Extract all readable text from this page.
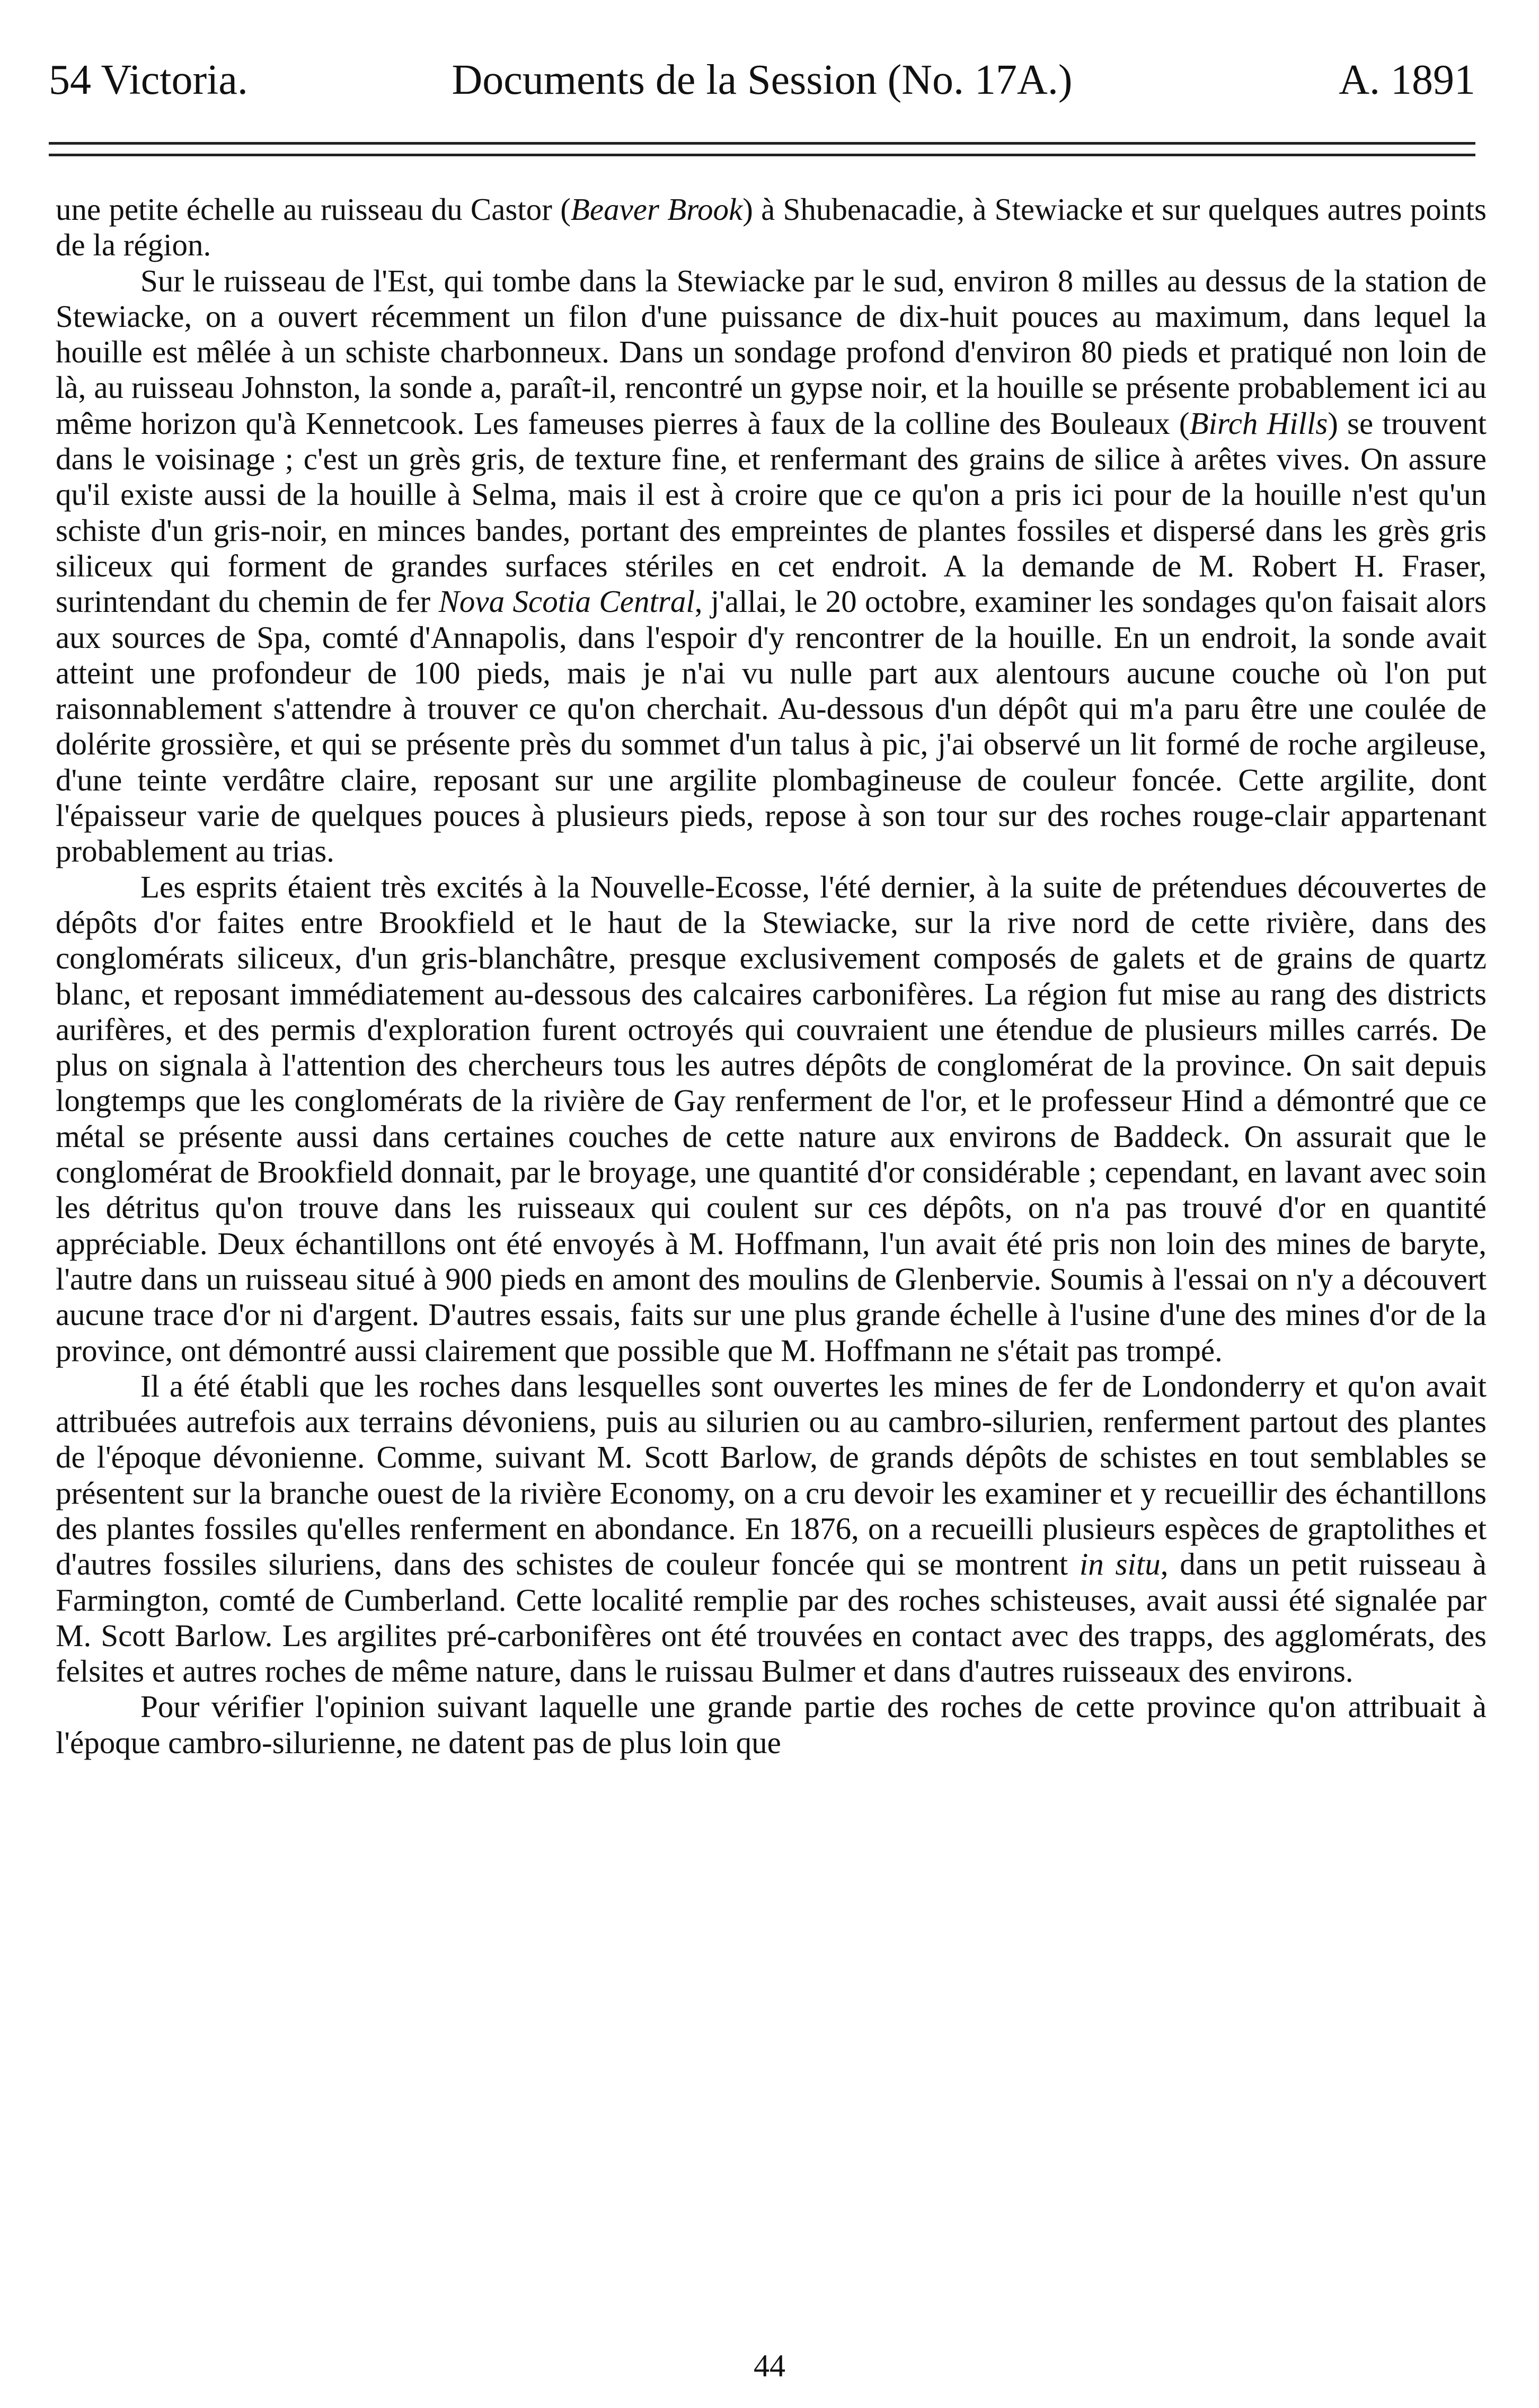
54 Victoria.	Documents de la Session (No. 17A.)	A. 1891

une petite échelle au ruisseau du Castor (Beaver Brook) à Shubenacadie, à Stewiacke et sur quelques autres points de la région.

Sur le ruisseau de l'Est, qui tombe dans la Stewiacke par le sud, environ 8 milles au dessus de la station de Stewiacke, on a ouvert récemment un filon d'une puissance de dix-huit pouces au maximum, dans lequel la houille est mêlée à un schiste charbonneux. Dans un sondage profond d'environ 80 pieds et pratiqué non loin de là, au ruisseau Johnston, la sonde a, paraît-il, rencontré un gypse noir, et la houille se présente probablement ici au même horizon qu'à Kennetcook. Les fameuses pierres à faux de la colline des Bouleaux (Birch Hills) se trouvent dans le voisinage ; c'est un grès gris, de texture fine, et renfermant des grains de silice à arêtes vives. On assure qu'il existe aussi de la houille à Selma, mais il est à croire que ce qu'on a pris ici pour de la houille n'est qu'un schiste d'un gris-noir, en minces bandes, portant des empreintes de plantes fossiles et dispersé dans les grès gris siliceux qui forment de grandes surfaces stériles en cet endroit. A la demande de M. Robert H. Fraser, surintendant du chemin de fer Nova Scotia Central, j'allai, le 20 octobre, examiner les sondages qu'on faisait alors aux sources de Spa, comté d'Annapolis, dans l'espoir d'y rencontrer de la houille. En un endroit, la sonde avait atteint une profondeur de 100 pieds, mais je n'ai vu nulle part aux alentours aucune couche où l'on put raisonnablement s'attendre à trouver ce qu'on cherchait. Au-dessous d'un dépôt qui m'a paru être une coulée de dolérite grossière, et qui se présente près du sommet d'un talus à pic, j'ai observé un lit formé de roche argileuse, d'une teinte verdâtre claire, reposant sur une argilite plombagineuse de couleur foncée. Cette argilite, dont l'épaisseur varie de quelques pouces à plusieurs pieds, repose à son tour sur des roches rouge-clair appartenant probablement au trias.

Les esprits étaient très excités à la Nouvelle-Ecosse, l'été dernier, à la suite de prétendues découvertes de dépôts d'or faites entre Brookfield et le haut de la Stewiacke, sur la rive nord de cette rivière, dans des conglomérats siliceux, d'un gris-blanchâtre, presque exclusivement composés de galets et de grains de quartz blanc, et reposant immédiatement au-dessous des calcaires carbonifères. La région fut mise au rang des districts aurifères, et des permis d'exploration furent octroyés qui couvraient une étendue de plusieurs milles carrés. De plus on signala à l'attention des chercheurs tous les autres dépôts de conglomérat de la province. On sait depuis longtemps que les conglomérats de la rivière de Gay renferment de l'or, et le professeur Hind a démontré que ce métal se présente aussi dans certaines couches de cette nature aux environs de Baddeck. On assurait que le conglomérat de Brookfield donnait, par le broyage, une quantité d'or considérable ; cependant, en lavant avec soin les détritus qu'on trouve dans les ruisseaux qui coulent sur ces dépôts, on n'a pas trouvé d'or en quantité appréciable. Deux échantillons ont été envoyés à M. Hoffmann, l'un avait été pris non loin des mines de baryte, l'autre dans un ruisseau situé à 900 pieds en amont des moulins de Glenbervie. Soumis à l'essai on n'y a découvert aucune trace d'or ni d'argent. D'autres essais, faits sur une plus grande échelle à l'usine d'une des mines d'or de la province, ont démontré aussi clairement que possible que M. Hoffmann ne s'était pas trompé.

Il a été établi que les roches dans lesquelles sont ouvertes les mines de fer de Londonderry et qu'on avait attribuées autrefois aux terrains dévoniens, puis au silurien ou au cambro-silurien, renferment partout des plantes de l'époque dévonienne. Comme, suivant M. Scott Barlow, de grands dépôts de schistes en tout semblables se présentent sur la branche ouest de la rivière Economy, on a cru devoir les examiner et y recueillir des échantillons des plantes fossiles qu'elles renferment en abondance. En 1876, on a recueilli plusieurs espèces de graptolithes et d'autres fossiles siluriens, dans des schistes de couleur foncée qui se montrent in situ, dans un petit ruisseau à Farmington, comté de Cumberland. Cette localité remplie par des roches schisteuses, avait aussi été signalée par M. Scott Barlow. Les argilites pré-carbonifères ont été trouvées en contact avec des trapps, des agglomérats, des felsites et autres roches de même nature, dans le ruissau Bulmer et dans d'autres ruisseaux des environs.

Pour vérifier l'opinion suivant laquelle une grande partie des roches de cette province qu'on attribuait à l'époque cambro-silurienne, ne datent pas de plus loin que

44
